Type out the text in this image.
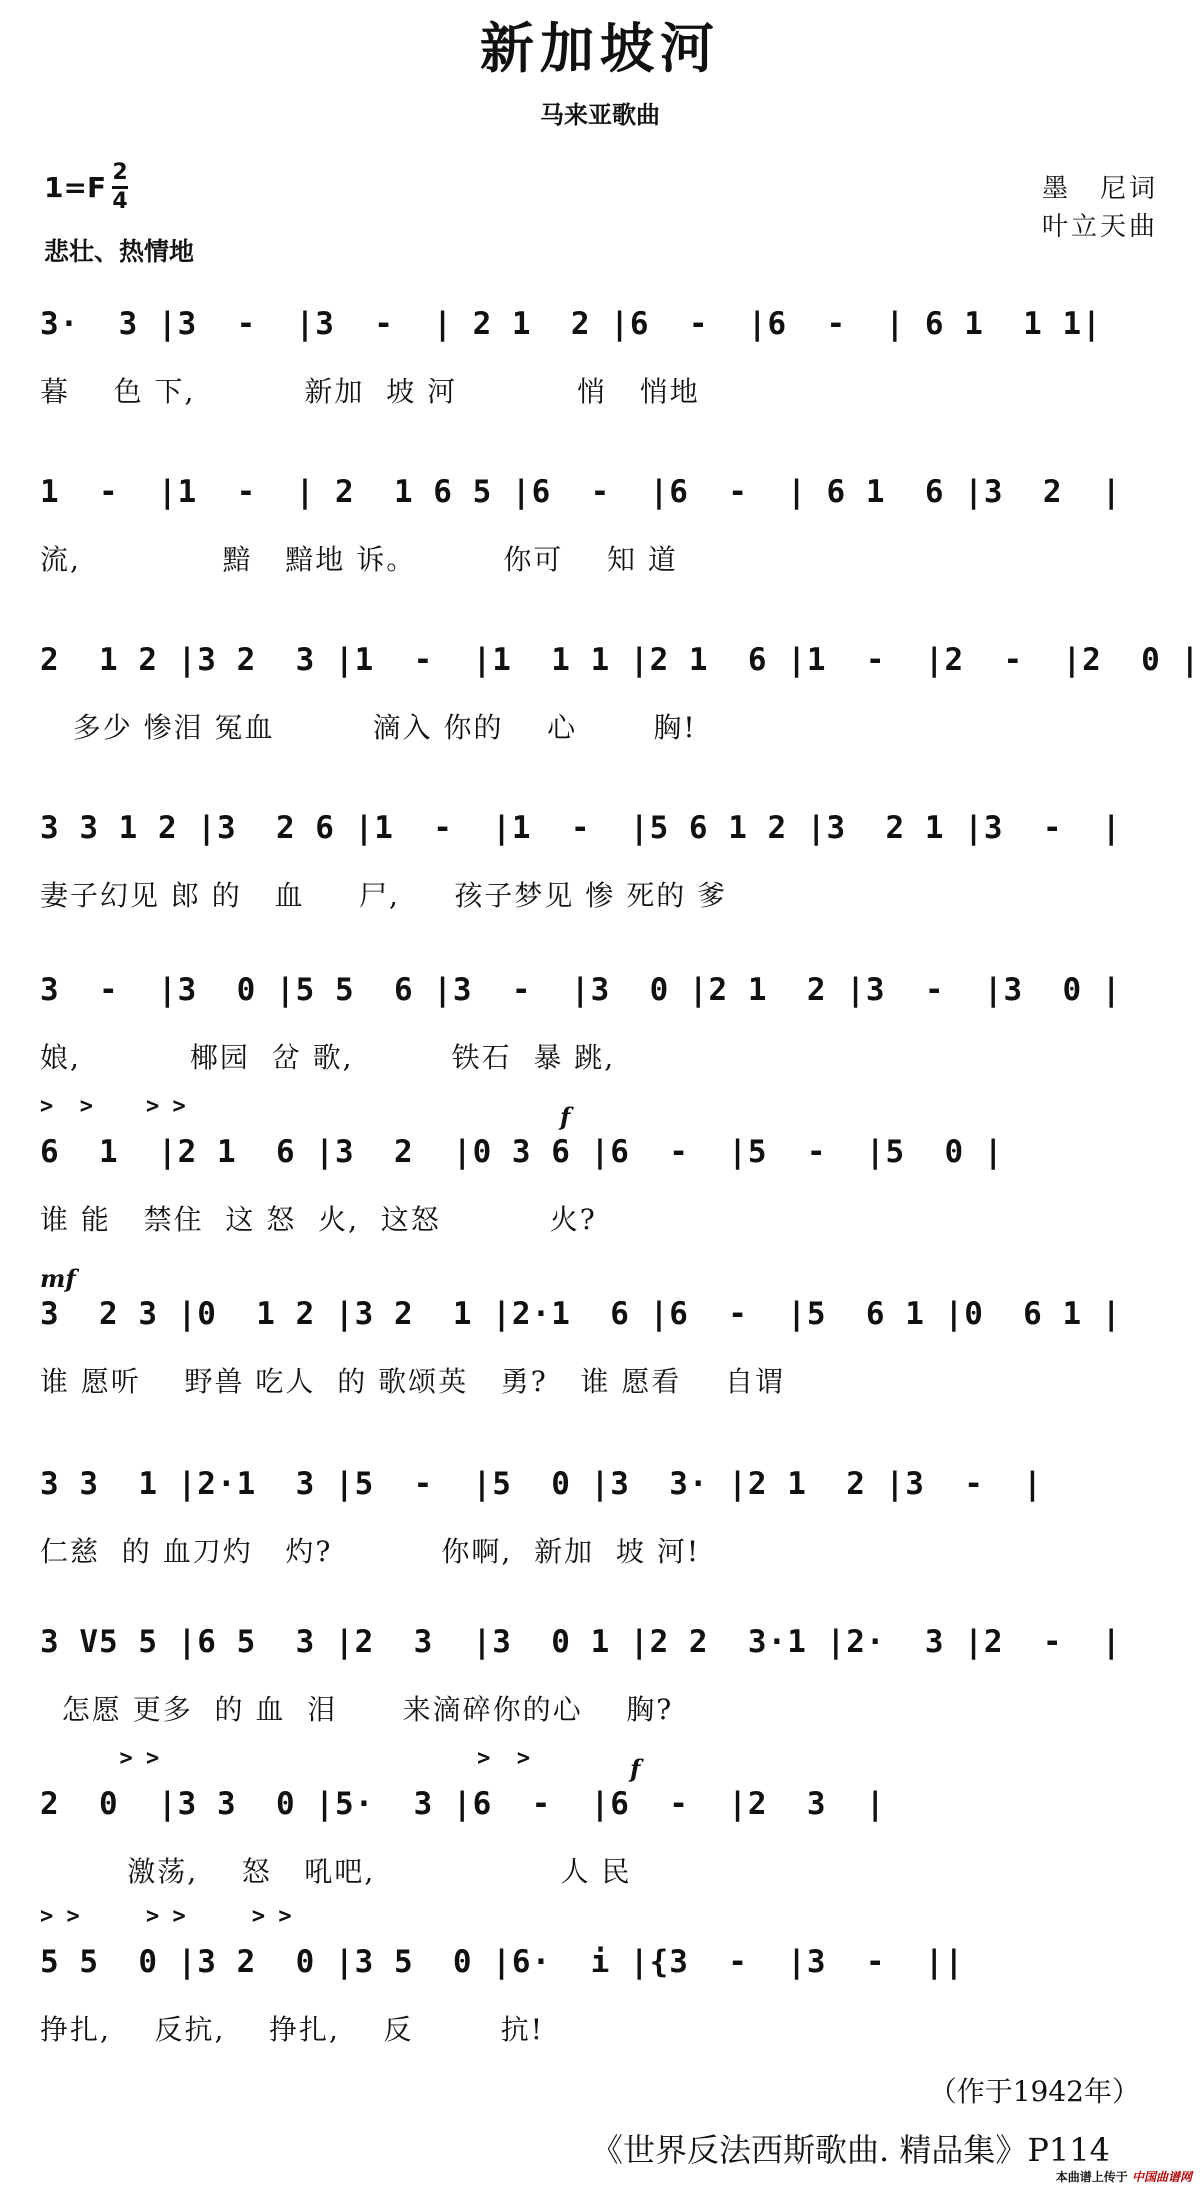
新加坡河
马来亚歌曲
$1=F \frac{2}{4}$
悲壮、热情地
墨　尼词
叶立天曲
3·  3 |3  -  |3  -  | 2 1  2 |6  -  |6  -  | 6 1  1 1|
暮    色 下,          新加  坡 河           悄   悄地
1  -  |1  -  | 2  1 6 5 |6  -  |6  -  | 6 1  6 |3  2  |
流,             黯   黯地 诉。        你可    知 道
2  1 2 |3 2  3 |1  -  |1  1 1 |2 1  6 |1  -  |2  -  |2  0 |
多少 惨泪 冤血         滴入 你的    心       胸!
3 3 1 2 |3  2 6 |1  -  |1  -  |5 6 1 2 |3  2 1 |3  -  |
妻子幻见 郎 的   血     尸,     孩子梦见 惨 死的 爹
3  -  |3  0 |5 5  6 |3  -  |3  0 |2 1  2 |3  -  |3  0 |
娘,          椰园  岔 歌,         铁石  暴 跳,
>  >    > >	f
6  1  |2 1  6 |3  2  |0 3 6 |6  -  |5  -  |5  0 |
谁 能   禁住  这 怒  火,  这怒          火?
mf
3  2 3 |0  1 2 |3 2  1 |2·1  6 |6  -  |5  6 1 |0  6 1 |
谁 愿听    野兽 吃人  的 歌颂英   勇?   谁 愿看    自谓
3 3  1 |2·1  3 |5  -  |5  0 |3  3· |2 1  2 |3  -  |
仁慈  的 血刀灼   灼?          你啊,  新加  坡 河!
3 V5 5 |6 5  3 |2  3  |3  0 1 |2 2  3·1 |2·  3 |2  -  |
怎愿 更多  的 血  泪      来滴碎你的心    胸?
> >                        >  >	f
2  0  |3 3  0 |5·  3 |6  -  |6  -  |2  3  |
激荡,    怒   吼吧,                 人 民
> >     > >     > >
5 5  0 |3 2  0 |3 5  0 |6·  i |{3  -  |3  -  ||
挣扎,    反抗,    挣扎,    反        抗!
（作于1942年）
《世界反法西斯歌曲. 精品集》P114
本曲谱上传于 中国曲谱网
